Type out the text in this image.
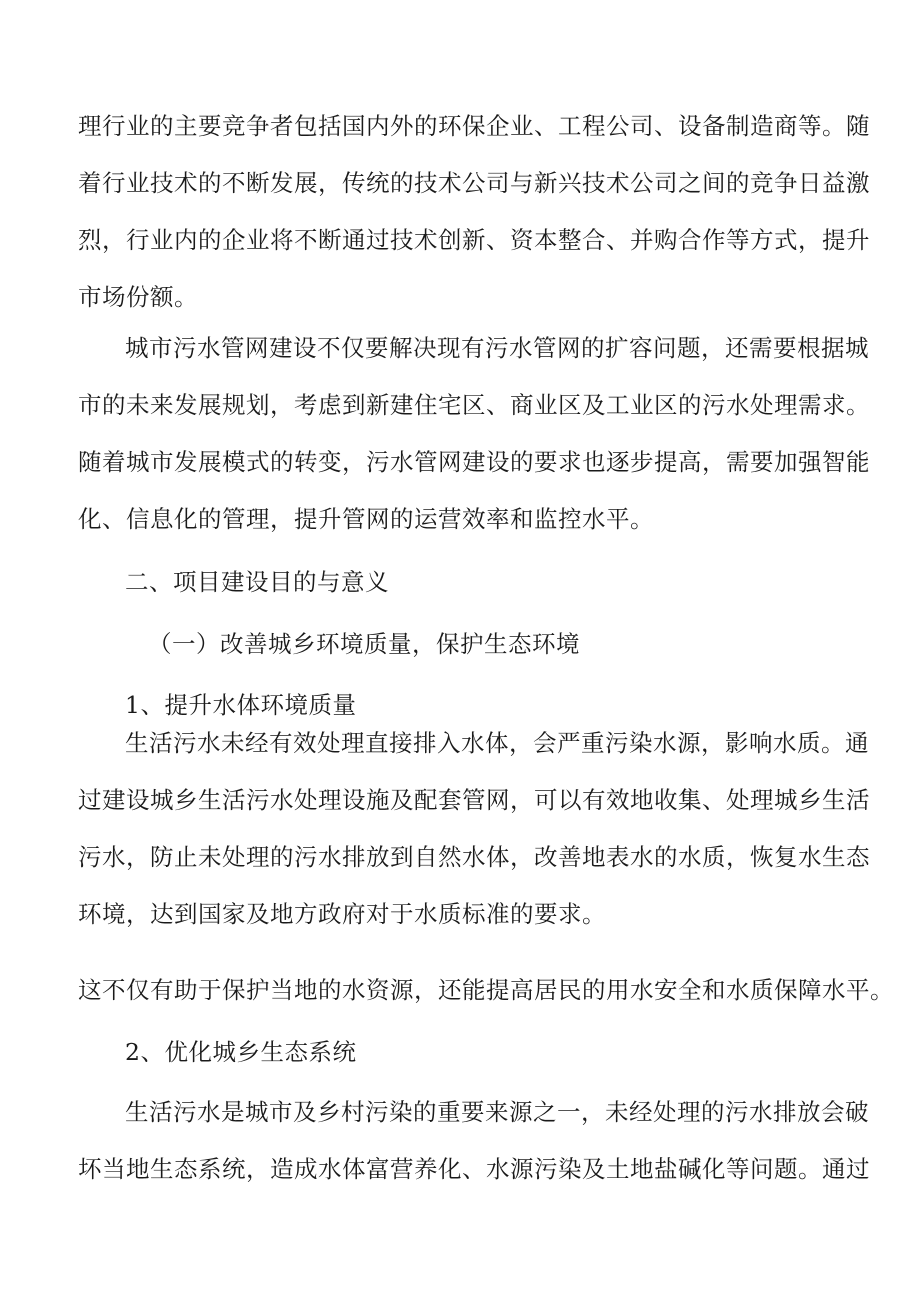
理行业的主要竞争者包括国内外的环保企业、工程公司、设备制造商等。随
着行业技术的不断发展，传统的技术公司与新兴技术公司之间的竞争日益激
烈，行业内的企业将不断通过技术创新、资本整合、并购合作等方式，提升
市场份额。
城市污水管网建设不仅要解决现有污水管网的扩容问题，还需要根据城
市的未来发展规划，考虑到新建住宅区、商业区及工业区的污水处理需求。
随着城市发展模式的转变，污水管网建设的要求也逐步提高，需要加强智能
化、信息化的管理，提升管网的运营效率和监控水平。
二、项目建设目的与意义
（一）改善城乡环境质量，保护生态环境
1、提升水体环境质量
生活污水未经有效处理直接排入水体，会严重污染水源，影响水质。通
过建设城乡生活污水处理设施及配套管网，可以有效地收集、处理城乡生活
污水，防止未处理的污水排放到自然水体，改善地表水的水质，恢复水生态
环境，达到国家及地方政府对于水质标准的要求。
这不仅有助于保护当地的水资源，还能提高居民的用水安全和水质保障水平。
2、优化城乡生态系统
生活污水是城市及乡村污染的重要来源之一，未经处理的污水排放会破
坏当地生态系统，造成水体富营养化、水源污染及土地盐碱化等问题。通过
